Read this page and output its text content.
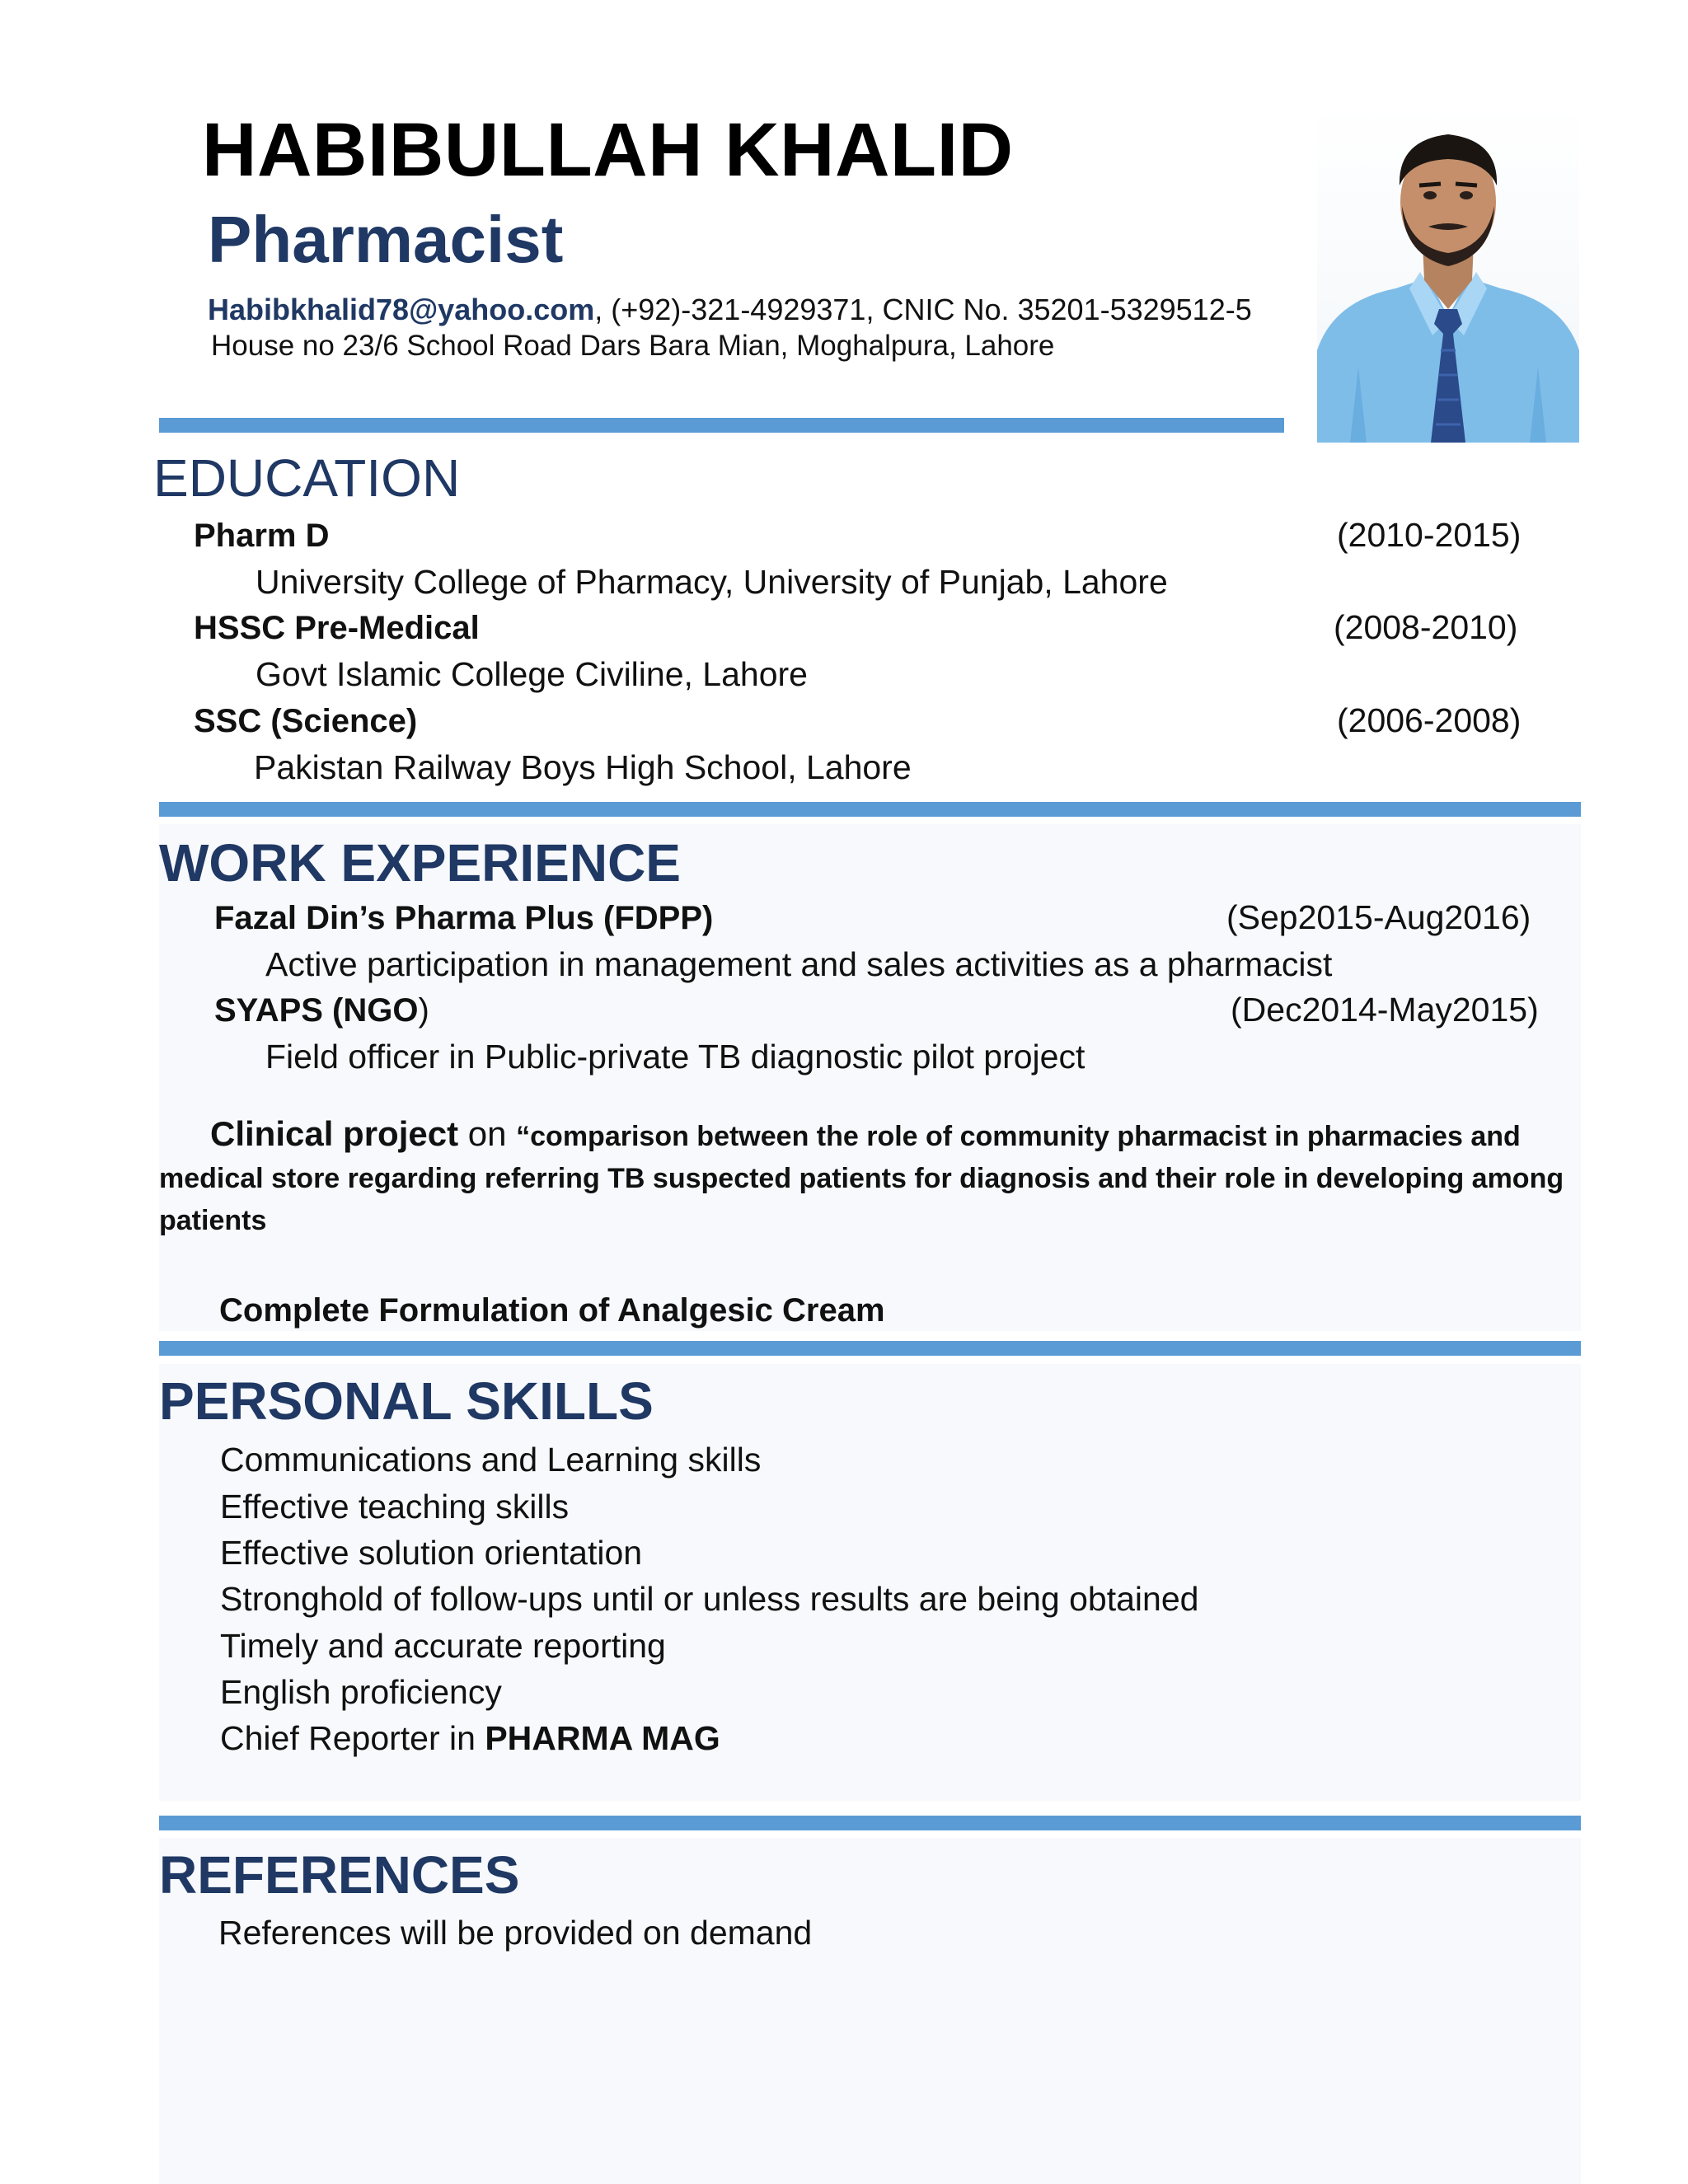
HABIBULLAH KHALID
Pharmacist
Habibkhalid78@yahoo.com, (+92)-321-4929371, CNIC No. 35201-5329512-5
House no 23/6 School Road Dars Bara Mian, Moghalpura, Lahore
EDUCATION
Pharm D	(2010-2015)
University College of Pharmacy, University of Punjab, Lahore
HSSC Pre-Medical	(2008-2010)
Govt Islamic College Civiline, Lahore
SSC (Science)	(2006-2008)
Pakistan Railway Boys High School, Lahore
WORK EXPERIENCE
Fazal Din’s Pharma Plus (FDPP)	(Sep2015-Aug2016)
Active participation in management and sales activities as a pharmacist
SYAPS (NGO)	(Dec2014-May2015)
Field officer in Public-private TB diagnostic pilot project
Clinical project on “comparison between the role of community pharmacist in pharmacies and medical store regarding referring TB suspected patients for diagnosis and their role in developing among patients
Complete Formulation of Analgesic Cream
PERSONAL SKILLS
Communications and Learning skills
Effective teaching skills
Effective solution orientation
Stronghold of follow-ups until or unless results are being obtained
Timely and accurate reporting
English proficiency
Chief Reporter in PHARMA MAG
REFERENCES
References will be provided on demand
